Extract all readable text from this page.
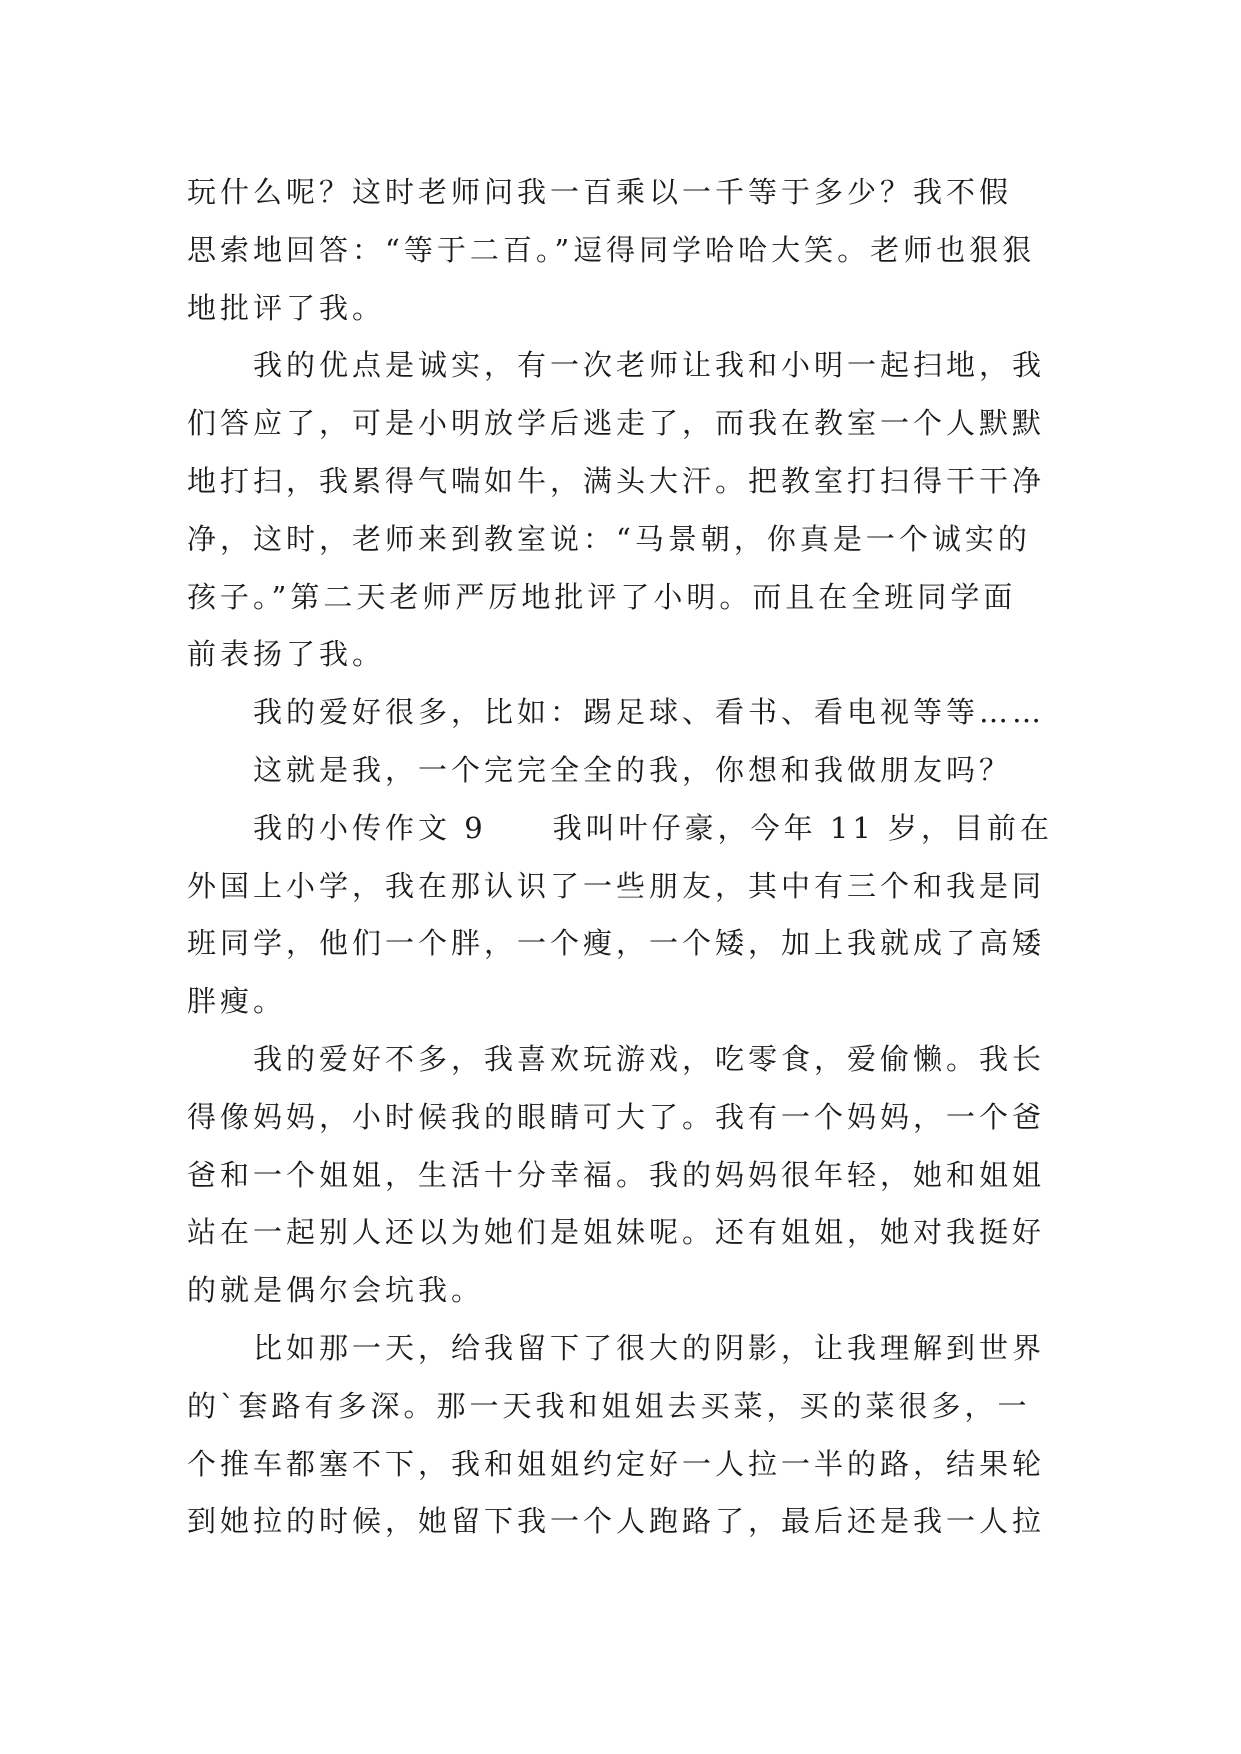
玩什么呢？这时老师问我一百乘以一千等于多少？我不假
思索地回答：“等于二百。”逗得同学哈哈大笑。老师也狠狠
地批评了我。
　　我的优点是诚实，有一次老师让我和小明一起扫地，我
们答应了，可是小明放学后逃走了，而我在教室一个人默默
地打扫，我累得气喘如牛，满头大汗。把教室打扫得干干净
净，这时，老师来到教室说：“马景朝，你真是一个诚实的
孩子。”第二天老师严厉地批评了小明。而且在全班同学面
前表扬了我。
　　我的爱好很多，比如：踢足球、看书、看电视等等……
　　这就是我，一个完完全全的我，你想和我做朋友吗？
　　我的小传作文 9　　我叫叶仔豪，今年 11 岁，目前在
外国上小学，我在那认识了一些朋友，其中有三个和我是同
班同学，他们一个胖，一个瘦，一个矮，加上我就成了高矮
胖瘦。
　　我的爱好不多，我喜欢玩游戏，吃零食，爱偷懒。我长
得像妈妈，小时候我的眼睛可大了。我有一个妈妈，一个爸
爸和一个姐姐，生活十分幸福。我的妈妈很年轻，她和姐姐
站在一起别人还以为她们是姐妹呢。还有姐姐，她对我挺好
的就是偶尔会坑我。
　　比如那一天，给我留下了很大的阴影，让我理解到世界
的`套路有多深。那一天我和姐姐去买菜，买的菜很多，一
个推车都塞不下，我和姐姐约定好一人拉一半的路，结果轮
到她拉的时候，她留下我一个人跑路了，最后还是我一人拉
